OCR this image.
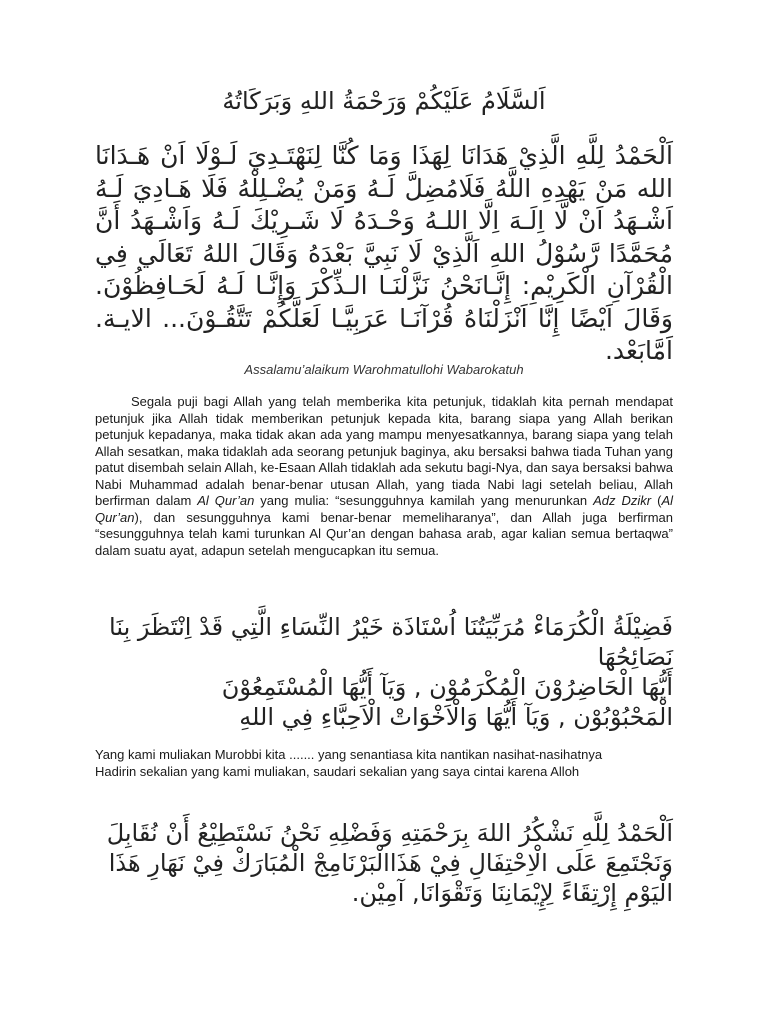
اَلسَّلَامُ عَلَيْكُمْ وَرَحْمَةُ اللهِ وَبَرَكَاتُهُ

اَلْحَمْدُ لِلَّهِ الَّذِيْ هَدَانَا لِهَذَا وَمَا كُنَّا لِنَهْتَـدِيَ لَـوْلَا اَنْ هَـدَانَا الله مَنْ يَهْدِهِ اللَّهُ فَلَامُضِلَّ لَـهُ وَمَنْ يُضْـلِلْهُ فَلَا هَـادِيَ لَـهُ اَشْـهَدُ اَنْ لَّا اِلَـهَ اِلَّا اللـهُ وَحْـدَهُ لَا شَـرِيْكَ لَـهُ وَاَشْـهَدُ أَنَّ مُحَمَّدًا رَّسُوْلُ اللهِ اَلَّذِيْ لَا نَبِيَّ بَعْدَهُ وَقَالَ اللهُ تَعَالَي فِي الْقُرْآنِ الْكَرِيْمِ: إِنَّـانَحْنُ نَزَّلْنَـا الـذِّكْرَ وَإِنَّـا لَـهُ لَحَـافِظُوْنَ. وَقَالَ اَيْضًا إِنَّا اَنْزَلْنَاهُ قُرْآنَـا عَرَبِيَّـا لَعَلَّكُمْ تَتَّقُـوْنَ... الايـة. اَمَّابَعْد.

Assalamu’alaikum Warohmatullohi Wabarokatuh

Segala puji bagi Allah yang telah memberika kita petunjuk, tidaklah kita pernah mendapat petunjuk jika Allah tidak memberikan petunjuk kepada kita, barang siapa yang Allah berikan petunjuk kepadanya, maka tidak akan ada yang mampu menyesatkannya, barang siapa yang telah Allah sesatkan, maka tidaklah ada seorang petunjuk baginya, aku bersaksi bahwa tiada Tuhan yang patut disembah selain Allah, ke-Esaan Allah tidaklah ada sekutu bagi-Nya, dan saya bersaksi bahwa Nabi Muhammad adalah benar-benar utusan Allah, yang tiada Nabi lagi setelah beliau, Allah berfirman dalam Al Qur’an yang mulia: “sesungguhnya kamilah yang menurunkan Adz Dzikr (Al Qur’an), dan sesungguhnya kami benar-benar memeliharanya”, dan Allah juga berfirman “sesungguhnya telah kami turunkan Al Qur’an dengan bahasa arab, agar kalian semua bertaqwa” dalam suatu ayat, adapun setelah mengucapkan itu semua.

فَضِيْلَةُ الْكُرَمَاءْ مُرَبِّيَتُنَا اُسْتَاذَة خَيْرُ النِّسَاءِ الَّتِي قَدْ اِنْتَظَرَ بِنَا نَصَائِحُهَا
أَيُّهَا الْحَاضِرُوْنَ الْمُكْرَمُوْن , وَيَآ أَيُّهَا الْمُسْتَمِعُوْنَ
الْمَحْبُوْبُوْن , وَيَآ أَيُّهَا وَالْاَخْوَاتْ الْاَحِبَّاءِ فِي اللهِ

Yang kami muliakan Murobbi kita ....... yang senantiasa kita nantikan nasihat-nasihatnya
Hadirin sekalian yang kami muliakan, saudari sekalian yang saya cintai karena Alloh

اَلْحَمْدُ لِلَّهِ نَشْكُرُ اللهَ بِرَحْمَتِهِ وَفَضْلِهِ نَحْنُ نَسْتَطِيْعُ أَنْ نُقَابِلَ وَنَجْتَمِعَ عَلَى الْاِحْتِفَالِ فِيْ هَذَاالْبَرْنَامِجْ الْمُبَارَكْ فِيْ نَهَارِ هَذَا الْيَوْمِ إِرْتِقَاءً لِإِيْمَانِنَا وَتَقْوَانَا, آمِيْن.
